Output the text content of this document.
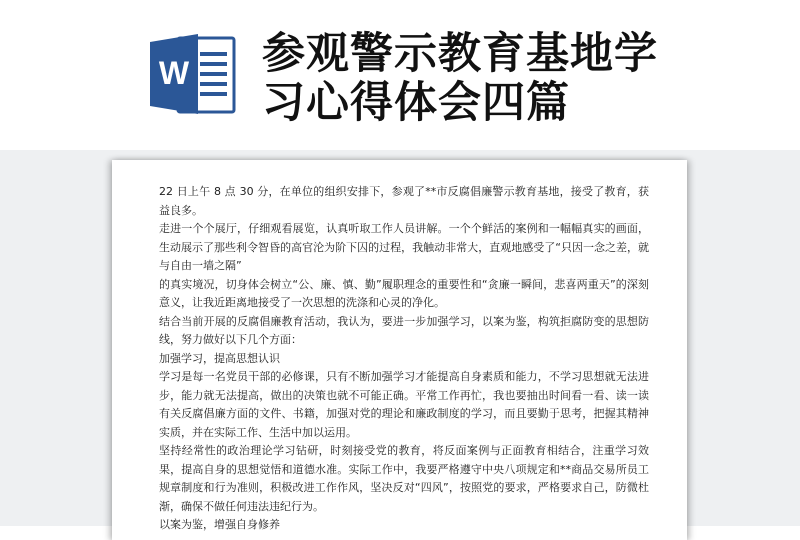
W 参观警示教育基地学
习心得体会四篇

22 日上午 8 点 30 分，在单位的组织安排下，参观了**市反腐倡廉警示教育基地，接受了教育，获益良多。

走进一个个展厅，仔细观看展览，认真听取工作人员讲解。一个个鲜活的案例和一幅幅真实的画面，生动展示了那些利令智昏的高官沦为阶下囚的过程，我触动非常大，直观地感受了“只因一念之差，就与自由一墙之隔”

的真实境况，切身体会树立“公、廉、慎、勤”履职理念的重要性和“贪廉一瞬间，悲喜两重天”的深刻意义，让我近距离地接受了一次思想的洗涤和心灵的净化。

结合当前开展的反腐倡廉教育活动，我认为，要进一步加强学习，以案为鉴，构筑拒腐防变的思想防线，努力做好以下几个方面：

加强学习，提高思想认识

学习是每一名党员干部的必修课，只有不断加强学习才能提高自身素质和能力，不学习思想就无法进步，能力就无法提高，做出的决策也就不可能正确。平常工作再忙，我也要抽出时间看一看、读一读有关反腐倡廉方面的文件、书籍，加强对党的理论和廉政制度的学习，而且要勤于思考，把握其精神实质，并在实际工作、生活中加以运用。

坚持经常性的政治理论学习钻研，时刻接受党的教育，将反面案例与正面教育相结合，注重学习效果，提高自身的思想觉悟和道德水准。实际工作中，我要严格遵守中央八项规定和**商品交易所员工规章制度和行为准则，积极改进工作作风，坚决反对“四风”，按照党的要求，严格要求自己，防微杜渐，确保不做任何违法违纪行为。

以案为鉴，增强自身修养
